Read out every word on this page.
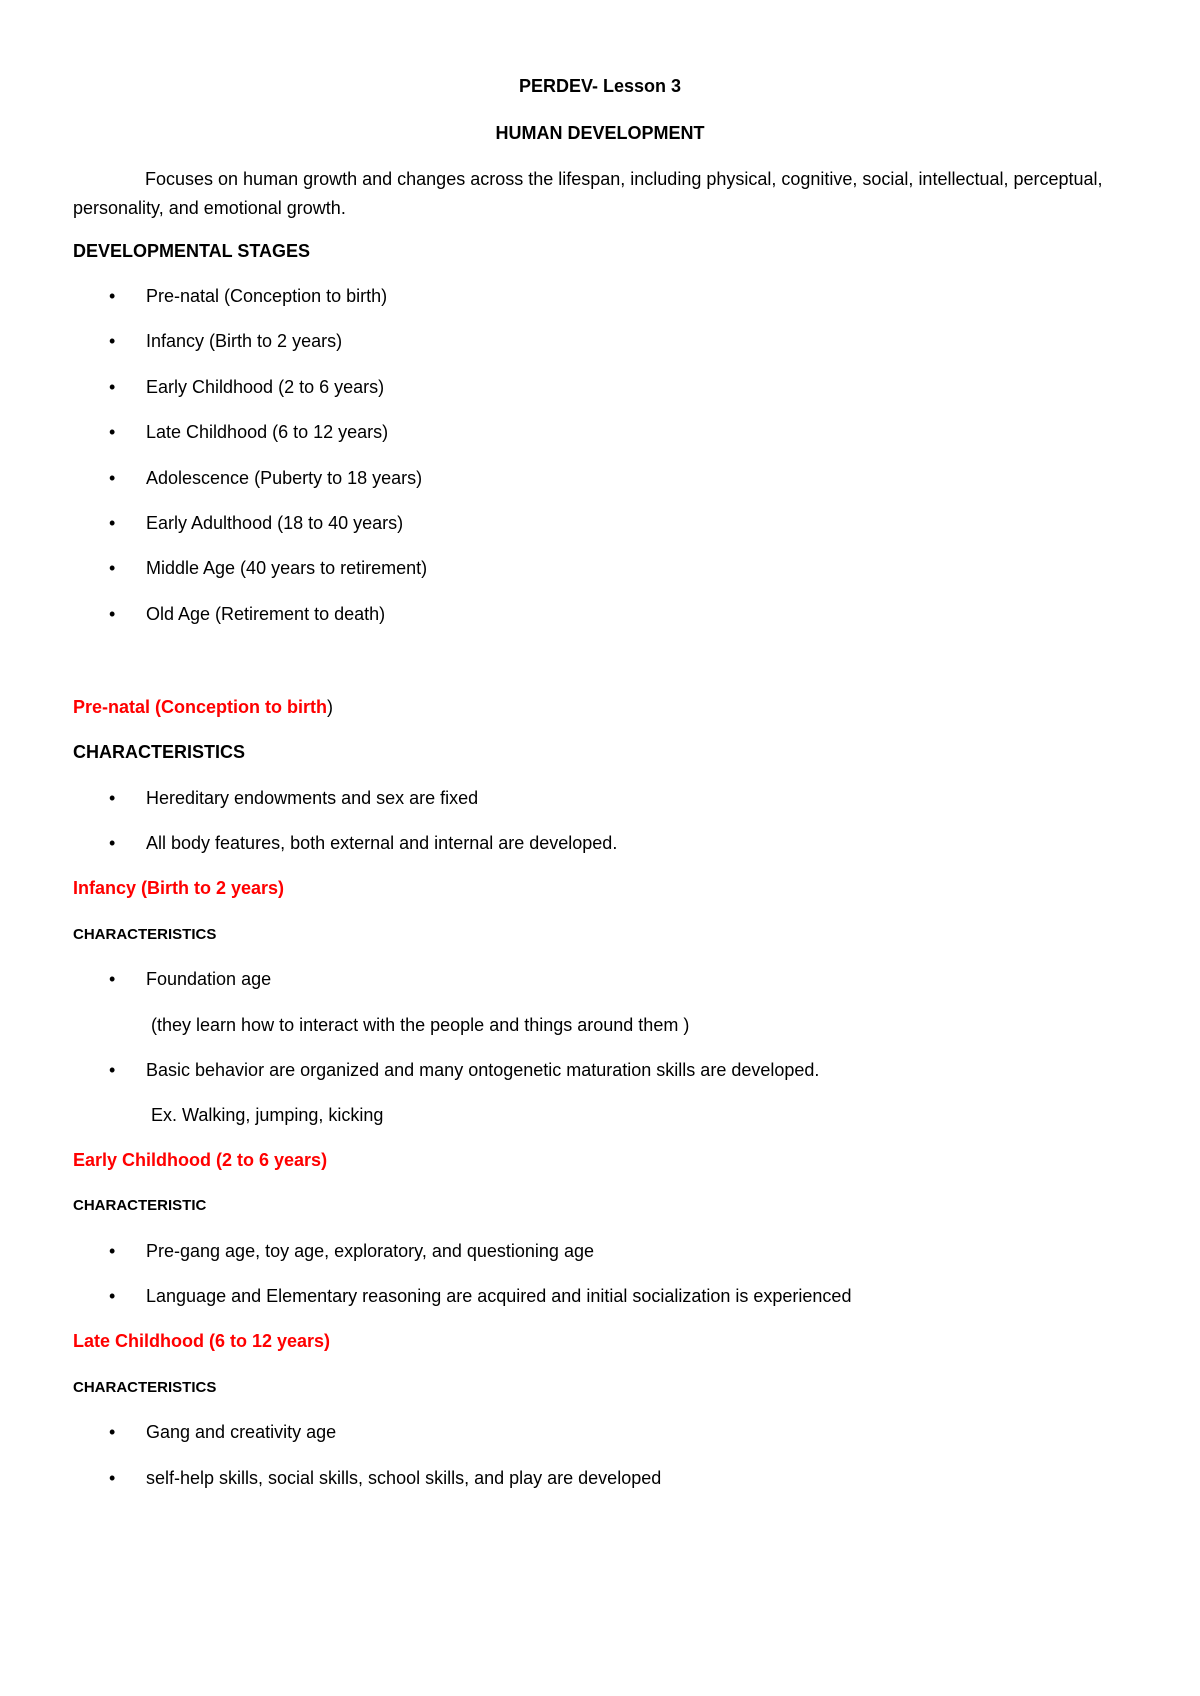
PERDEV- Lesson 3
HUMAN DEVELOPMENT
Focuses on human growth and changes across the lifespan, including physical, cognitive, social, intellectual, perceptual, personality, and emotional growth.
DEVELOPMENTAL STAGES
• Pre-natal (Conception to birth)
• Infancy (Birth to 2 years)
• Early Childhood (2 to 6 years)
• Late Childhood (6 to 12 years)
• Adolescence (Puberty to 18 years)
• Early Adulthood (18 to 40 years)
• Middle Age (40 years to retirement)
• Old Age (Retirement to death)
Pre-natal (Conception to birth)
CHARACTERISTICS
• Hereditary endowments and sex are fixed
• All body features, both external and internal are developed.
Infancy (Birth to 2 years)
CHARACTERISTICS
• Foundation age
(they learn how to interact with the people and things around them )
• Basic behavior are organized and many ontogenetic maturation skills are developed.
Ex. Walking, jumping, kicking
Early Childhood (2 to 6 years)
CHARACTERISTIC
• Pre-gang age, toy age, exploratory, and questioning age
• Language and Elementary reasoning are acquired and initial socialization is experienced
Late Childhood (6 to 12 years)
CHARACTERISTICS
• Gang and creativity age
• self-help skills, social skills, school skills, and play are developed
